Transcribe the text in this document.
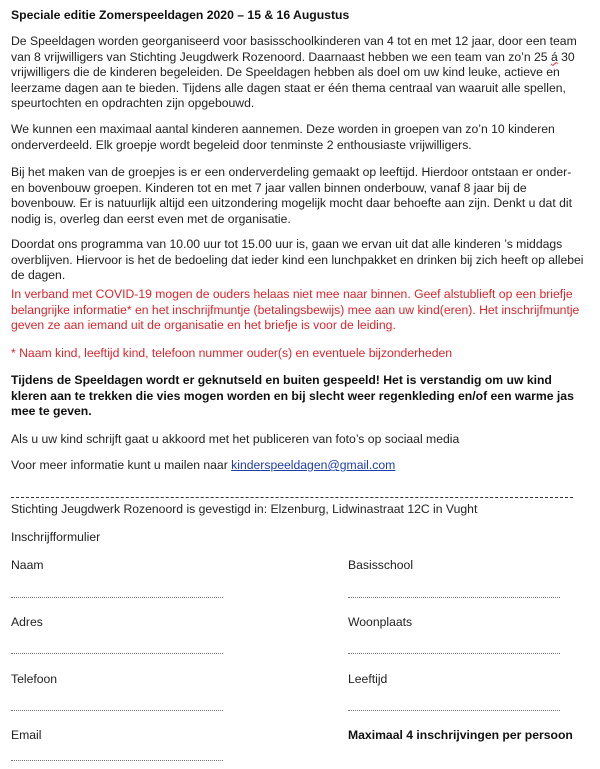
Speciale editie Zomerspeeldagen 2020 – 15 & 16 Augustus

De Speeldagen worden georganiseerd voor basisschoolkinderen van 4 tot en met 12 jaar, door een team van 8 vrijwilligers van Stichting Jeugdwerk Rozenoord. Daarnaast hebben we een team van zo’n 25 á 30 vrijwilligers die de kinderen begeleiden. De Speeldagen hebben als doel om uw kind leuke, actieve en leerzame dagen aan te bieden. Tijdens alle dagen staat er één thema centraal van waaruit alle spellen, speurtochten en opdrachten zijn opgebouwd.

We kunnen een maximaal aantal kinderen aannemen. Deze worden in groepen van zo’n 10 kinderen onderverdeeld. Elk groepje wordt begeleid door tenminste 2 enthousiaste vrijwilligers.

Bij het maken van de groepjes is er een onderverdeling gemaakt op leeftijd. Hierdoor ontstaan er onder- en bovenbouw groepen. Kinderen tot en met 7 jaar vallen binnen onderbouw, vanaf 8 jaar bij de bovenbouw. Er is natuurlijk altijd een uitzondering mogelijk mocht daar behoefte aan zijn. Denkt u dat dit nodig is, overleg dan eerst even met de organisatie.

Doordat ons programma van 10.00 uur tot 15.00 uur is, gaan we ervan uit dat alle kinderen ’s middags overblijven. Hiervoor is het de bedoeling dat ieder kind een lunchpakket en drinken bij zich heeft op allebei de dagen.

In verband met COVID-19 mogen de ouders helaas niet mee naar binnen. Geef alstublieft op een briefje belangrijke informatie* en het inschrijfmuntje (betalingsbewijs) mee aan uw kind(eren). Het inschrijfmuntje geven ze aan iemand uit de organisatie en het briefje is voor de leiding.

* Naam kind, leeftijd kind, telefoon nummer ouder(s) en eventuele bijzonderheden

Tijdens de Speeldagen wordt er geknutseld en buiten gespeeld! Het is verstandig om uw kind kleren aan te trekken die vies mogen worden en bij slecht weer regenkleding en/of een warme jas mee te geven.

Als u uw kind schrijft gaat u akkoord met het publiceren van foto’s op sociaal media

Voor meer informatie kunt u mailen naar kinderspeeldagen@gmail.com

Stichting Jeugdwerk Rozenoord is gevestigd in: Elzenburg, Lidwinastraat 12C in Vught
Inschrijfformulier
Naam
Adres
Telefoon
Email
Basisschool
Woonplaats
Leeftijd
Maximaal 4 inschrijvingen per persoon
